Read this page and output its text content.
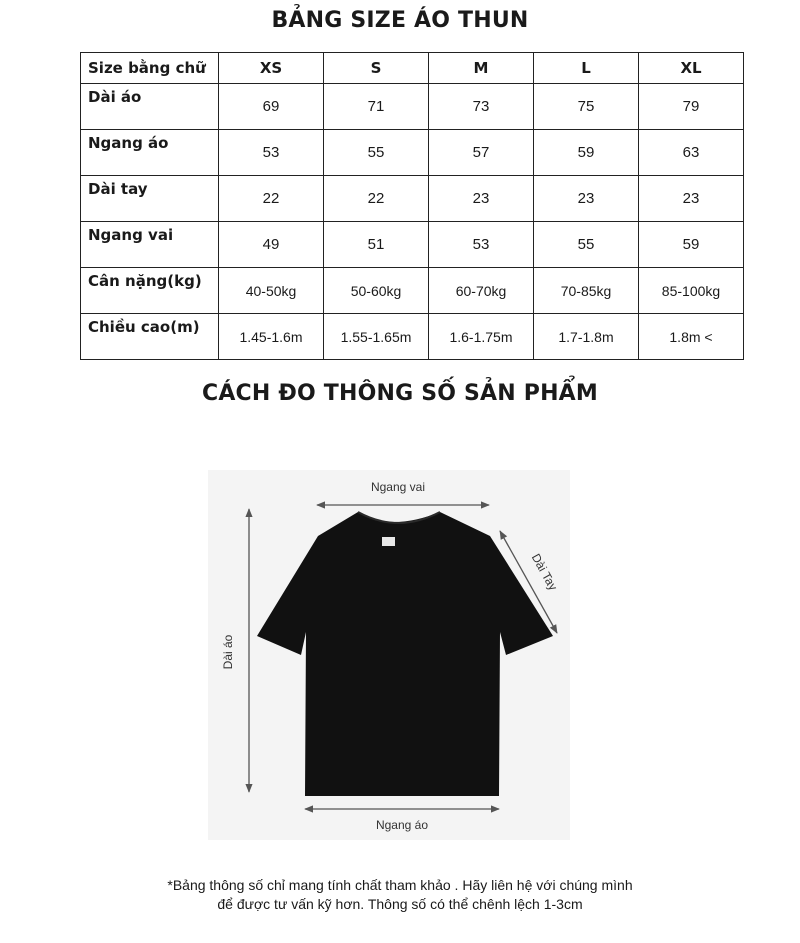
BẢNG SIZE ÁO THUN
Size bằng chữ	XS	S	M	L	XL
Dài áo	69	71	73	75	79
Ngang áo	53	55	57	59	63
Dài tay	22	22	23	23	23
Ngang vai	49	51	53	55	59
Cân nặng(kg)	40-50kg	50-60kg	60-70kg	70-85kg	85-100kg
Chiều cao(m)	1.45-1.6m	1.55-1.65m	1.6-1.75m	1.7-1.8m	1.8m <
CÁCH ĐO THÔNG SỐ SẢN PHẨM
Ngang vai
Dài Tay
Dài áo
Ngang áo
*Bảng thông số chỉ mang tính chất tham khảo . Hãy liên hệ với chúng mình
để được tư vấn kỹ hơn. Thông số có thể chênh lệch 1-3cm
